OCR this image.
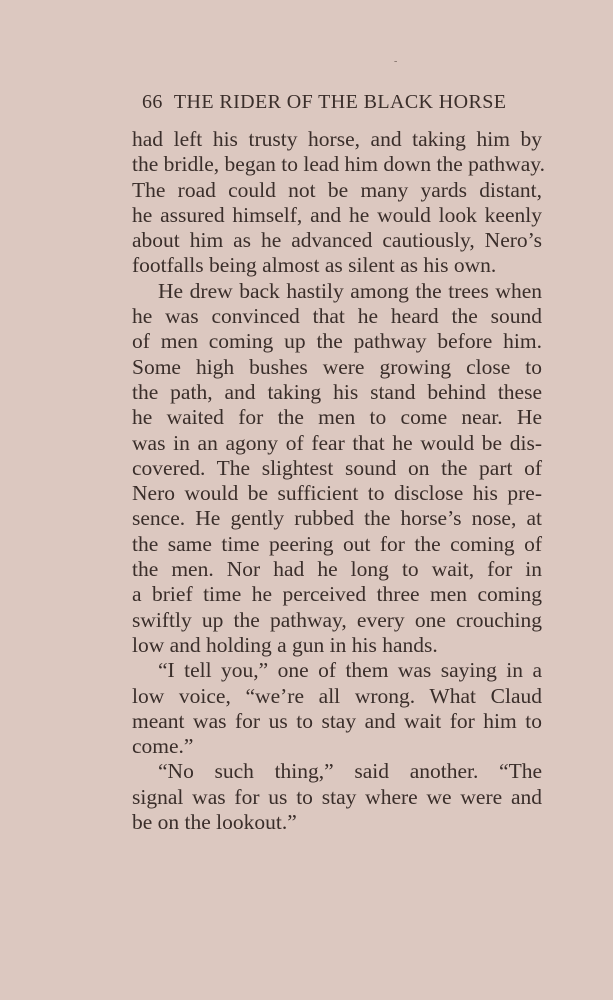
-
66 THE RIDER OF THE BLACK HORSE
had left his trusty horse, and taking him by
the bridle, began to lead him down the pathway.
The road could not be many yards distant,
he assured himself, and he would look keenly
about him as he advanced cautiously, Nero’s
footfalls being almost as silent as his own.
He drew back hastily among the trees when
he was convinced that he heard the sound
of men coming up the pathway before him.
Some high bushes were growing close to
the path, and taking his stand behind these
he waited for the men to come near. He
was in an agony of fear that he would be dis-
covered. The slightest sound on the part of
Nero would be sufficient to disclose his pre-
sence. He gently rubbed the horse’s nose, at
the same time peering out for the coming of
the men. Nor had he long to wait, for in
a brief time he perceived three men coming
swiftly up the pathway, every one crouching
low and holding a gun in his hands.
“I tell you,” one of them was saying in a
low voice, “we’re all wrong. What Claud
meant was for us to stay and wait for him to
come.”
“No such thing,” said another. “The
signal was for us to stay where we were and
be on the lookout.”
